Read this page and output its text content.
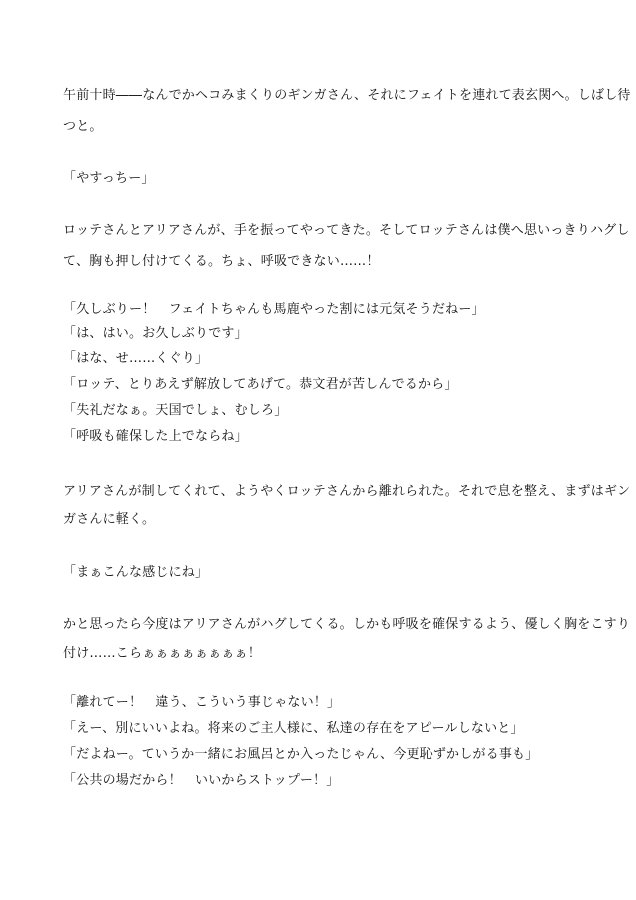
午前十時――なんでかヘコみまくりのギンガさん、それにフェイトを連れて表玄関へ。しばし待
つと。
「やすっちー」
ロッテさんとアリアさんが、手を振ってやってきた。そしてロッテさんは僕へ思いっきりハグし
て、胸も押し付けてくる。ちょ、呼吸できない……！
「久しぶりー！　フェイトちゃんも馬鹿やった割には元気そうだねー」
「は、はい。お久しぶりです」
「はな、せ……くぐり」
「ロッテ、とりあえず解放してあげて。恭文君が苦しんでるから」
「失礼だなぁ。天国でしょ、むしろ」
「呼吸も確保した上でならね」
アリアさんが制してくれて、ようやくロッテさんから離れられた。それで息を整え、まずはギン
ガさんに軽く。
「まぁこんな感じにね」
かと思ったら今度はアリアさんがハグしてくる。しかも呼吸を確保するよう、優しく胸をこすり
付け……こらぁぁぁぁぁぁぁぁ！
「離れてー！　違う、こういう事じゃない！」
「えー、別にいいよね。将来のご主人様に、私達の存在をアピールしないと」
「だよねー。ていうか一緒にお風呂とか入ったじゃん、今更恥ずかしがる事も」
「公共の場だから！　いいからストップー！」
